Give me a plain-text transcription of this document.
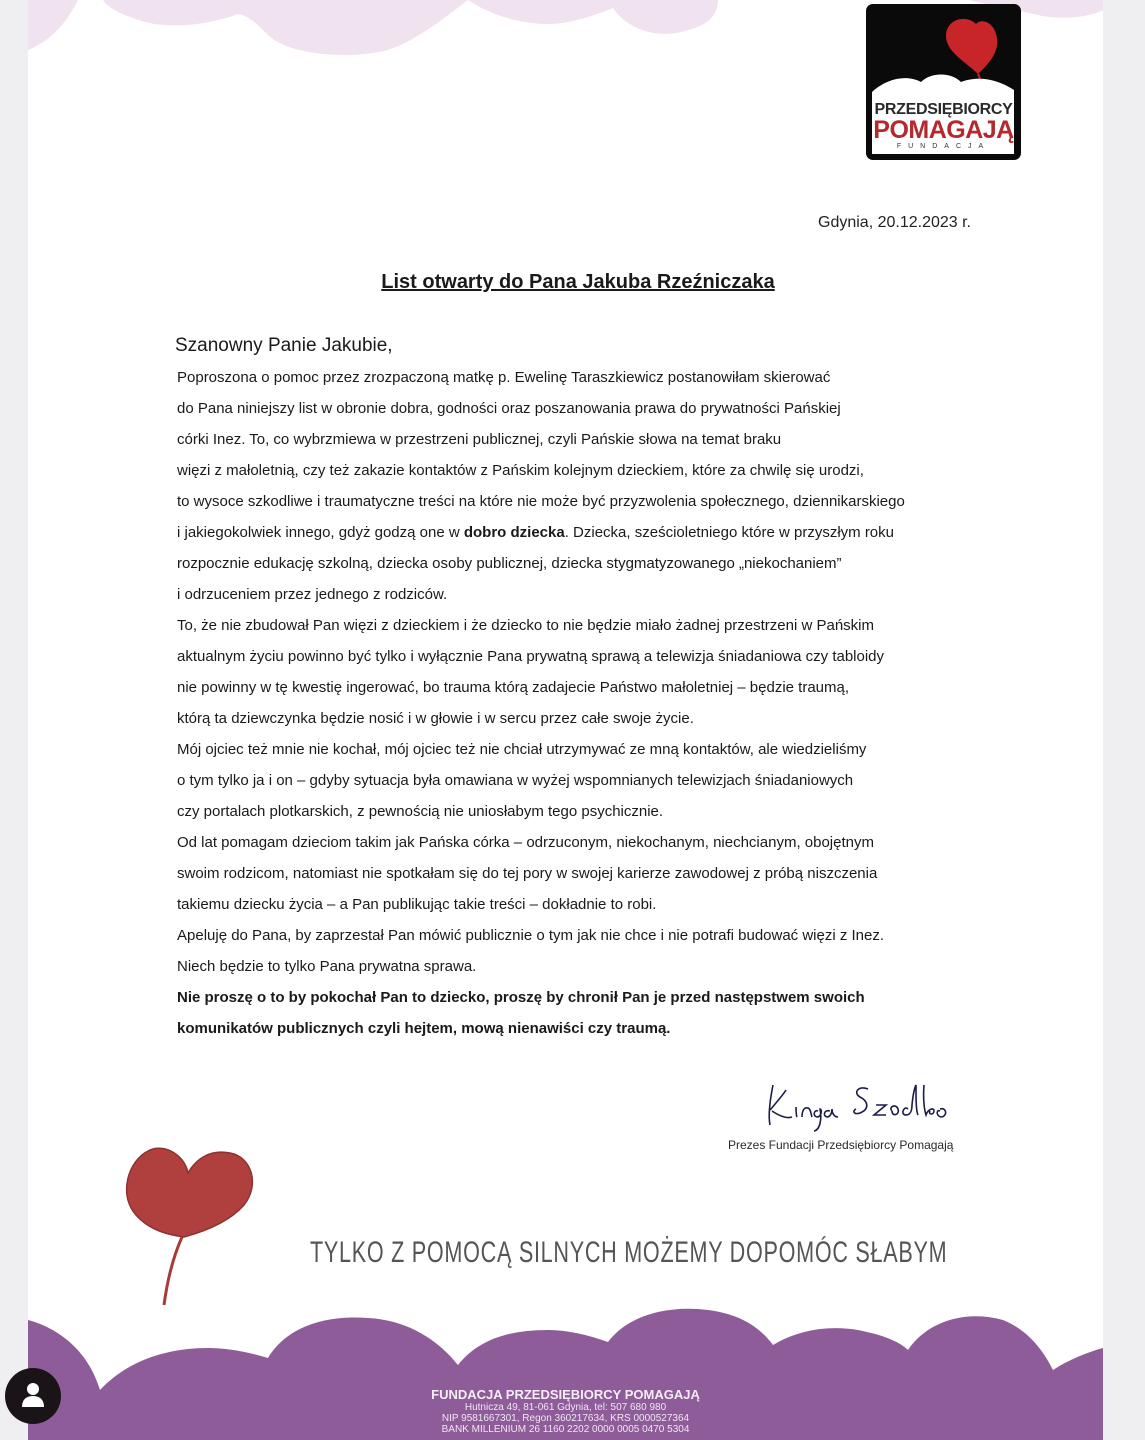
PRZEDSIĘBIORCY
POMAGAJĄ
FUNDACJA
Gdynia, 20.12.2023 r.
List otwarty do Pana Jakuba Rzeźniczaka
Szanowny Panie Jakubie,
Poproszona o pomoc przez zrozpaczoną matkę p. Ewelinę Taraszkiewicz postanowiłam skierować
do Pana niniejszy list w obronie dobra, godności oraz poszanowania prawa do prywatności Pańskiej
córki Inez. To, co wybrzmiewa w przestrzeni publicznej, czyli Pańskie słowa na temat braku
więzi z małoletnią, czy też zakazie kontaktów z Pańskim kolejnym dzieckiem, które za chwilę się urodzi,
to wysoce szkodliwe i traumatyczne treści na które nie może być przyzwolenia społecznego, dziennikarskiego
i jakiegokolwiek innego, gdyż godzą one w dobro dziecka. Dziecka, sześcioletniego które w przyszłym roku
rozpocznie edukację szkolną, dziecka osoby publicznej, dziecka stygmatyzowanego „niekochaniem”
i odrzuceniem przez jednego z rodziców.
To, że nie zbudował Pan więzi z dzieckiem i że dziecko to nie będzie miało żadnej przestrzeni w Pańskim
aktualnym życiu powinno być tylko i wyłącznie Pana prywatną sprawą a telewizja śniadaniowa czy tabloidy
nie powinny w tę kwestię ingerować, bo trauma którą zadajecie Państwo małoletniej – będzie traumą,
którą ta dziewczynka będzie nosić i w głowie i w sercu przez całe swoje życie.
Mój ojciec też mnie nie kochał, mój ojciec też nie chciał utrzymywać ze mną kontaktów, ale wiedzieliśmy
o tym tylko ja i on – gdyby sytuacja była omawiana w wyżej wspomnianych telewizjach śniadaniowych
czy portalach plotkarskich, z pewnością nie uniosłabym tego psychicznie.
Od lat pomagam dzieciom takim jak Pańska córka – odrzuconym, niekochanym, niechcianym, obojętnym
swoim rodzicom, natomiast nie spotkałam się do tej pory w swojej karierze zawodowej z próbą niszczenia
takiemu dziecku życia – a Pan publikując takie treści – dokładnie to robi.
Apeluję do Pana, by zaprzestał Pan mówić publicznie o tym jak nie chce i nie potrafi budować więzi z Inez.
Niech będzie to tylko Pana prywatna sprawa.
Nie proszę o to by pokochał Pan to dziecko, proszę by chronił Pan je przed następstwem swoich
komunikatów publicznych czyli hejtem, mową nienawiści czy traumą.
Prezes Fundacji Przedsiębiorcy Pomagają
TYLKO Z POMOCĄ SILNYCH MOŻEMY DOPOMÓC SŁABYM
FUNDACJA PRZEDSIĘBIORCY POMAGAJĄ
Hutnicza 49, 81-061 Gdynia, tel: 507 680 980
NIP 9581667301, Regon 360217634, KRS 0000527364
BANK MILLENIUM 26 1160 2202 0000 0005 0470 5304
